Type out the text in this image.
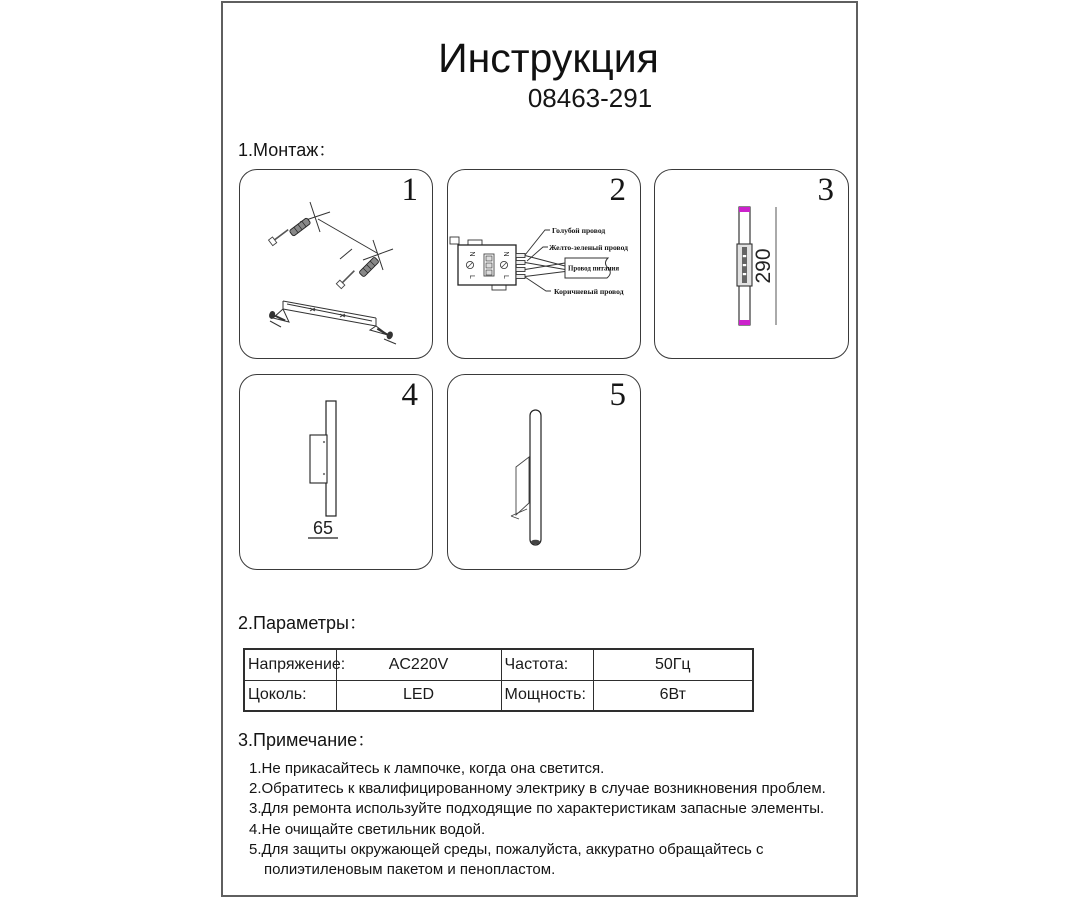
Инструкция
08463-291
1.Монтаж：
1	2
N
L
N
L
Голубой провод
Желто-зеленый провод
Провод питания
Коричневый провод
3
290
4
65
5
2.Параметры：
Напряжение:	AC220V	Частота:	50Гц
Цоколь:	LED	Мощность:	6Вт
3.Примечание：
1.Не прикасайтесь к лампочке, когда она светится.
2.Обратитесь к квалифицированному электрику в случае возникновения проблем.
3.Для ремонта используйте подходящие по характеристикам запасные элементы.
4.Не очищайте светильник водой.
5.Для защиты окружающей среды, пожалуйста, аккуратно обращайтесь с
полиэтиленовым пакетом и пенопластом.
